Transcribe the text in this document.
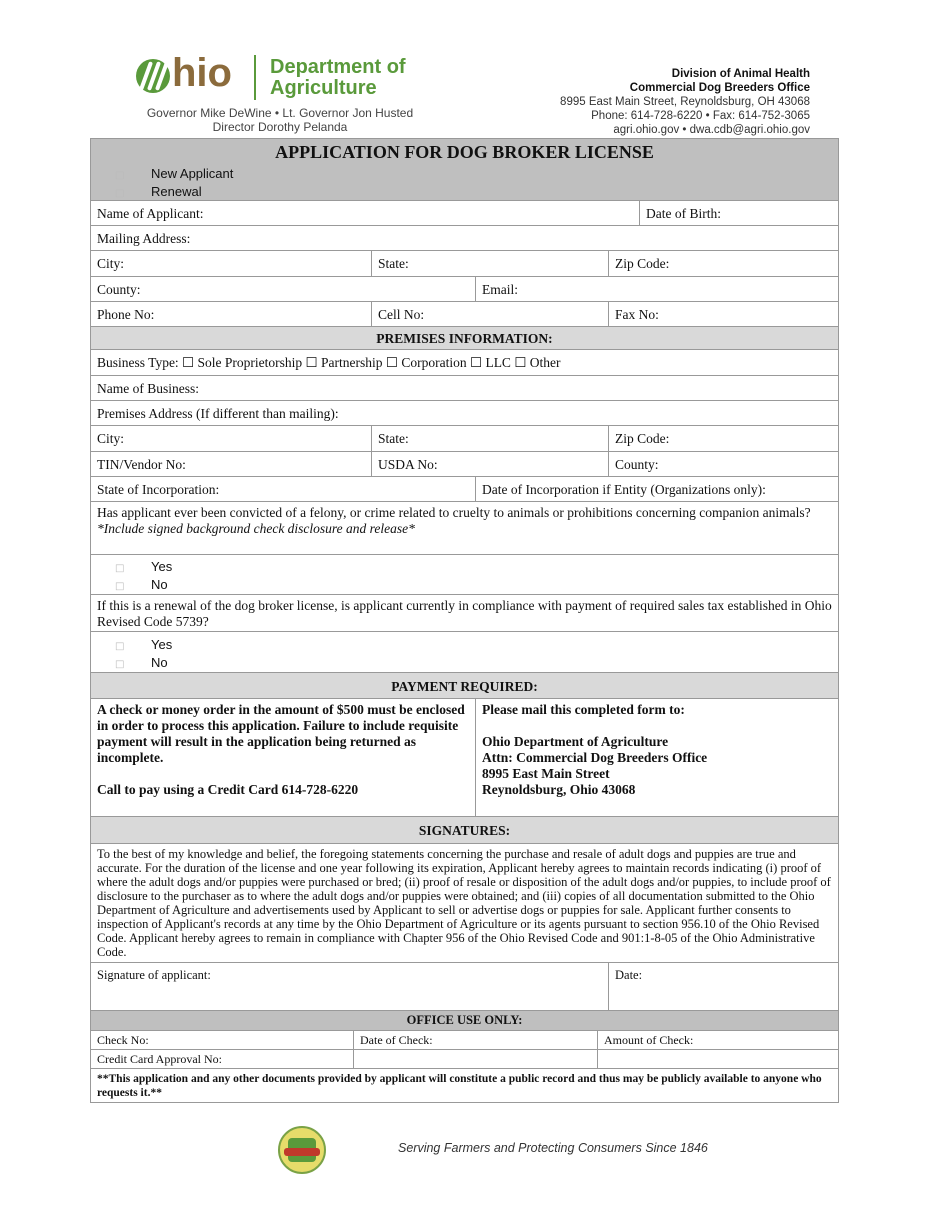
hio Department of
Agriculture
Governor Mike DeWine • Lt. Governor Jon Husted
Director Dorothy Pelanda
Division of Animal Health
Commercial Dog Breeders Office
8995 East Main Street, Reynoldsburg, OH 43068
Phone: 614-728-6220 • Fax: 614-752-3065
agri.ohio.gov • dwa.cdb@agri.ohio.gov
APPLICATION FOR DOG BROKER LICENSE
□ New Applicant
□ Renewal
Name of Applicant:	Date of Birth:
Mailing Address:
City:	State:	Zip Code:
County:	Email:
Phone No:	Cell No:	Fax No:
PREMISES INFORMATION:
Business Type: ☐ Sole Proprietorship ☐ Partnership ☐ Corporation ☐ LLC ☐ Other
Name of Business:
Premises Address (If different than mailing):
City:	State:	Zip Code:
TIN/Vendor No:	USDA No:	County:
State of Incorporation:	Date of Incorporation if Entity (Organizations only):
Has applicant ever been convicted of a felony, or crime related to cruelty to animals or prohibitions concerning companion animals?
*Include signed background check disclosure and release*
□ Yes
□ No
If this is a renewal of the dog broker license, is applicant currently in compliance with payment of required sales tax established in Ohio Revised Code 5739?
□ Yes
□ No
PAYMENT REQUIRED:
A check or money order in the amount of $500 must be enclosed in order to process this application. Failure to include requisite payment will result in the application being returned as incomplete.
Call to pay using a Credit Card 614-728-6220
Please mail this completed form to:
Ohio Department of Agriculture
Attn: Commercial Dog Breeders Office
8995 East Main Street
Reynoldsburg, Ohio 43068
SIGNATURES:
To the best of my knowledge and belief, the foregoing statements concerning the purchase and resale of adult dogs and puppies are true and accurate. For the duration of the license and one year following its expiration, Applicant hereby agrees to maintain records indicating (i) proof of where the adult dogs and/or puppies were purchased or bred; (ii) proof of resale or disposition of the adult dogs and/or puppies, to include proof of disclosure to the purchaser as to where the adult dogs and/or puppies were obtained; and (iii) copies of all documentation submitted to the Ohio Department of Agriculture and advertisements used by Applicant to sell or advertise dogs or puppies for sale. Applicant further consents to inspection of Applicant's records at any time by the Ohio Department of Agriculture or its agents pursuant to section 956.10 of the Ohio Revised Code. Applicant hereby agrees to remain in compliance with Chapter 956 of the Ohio Revised Code and 901:1-8-05 of the Ohio Administrative Code.
Signature of applicant:	Date:
OFFICE USE ONLY:
Check No:	Date of Check:	Amount of Check:
Credit Card Approval No:
**This application and any other documents provided by applicant will constitute a public record and thus may be publicly available to anyone who requests it.**
Serving Farmers and Protecting Consumers Since 1846
